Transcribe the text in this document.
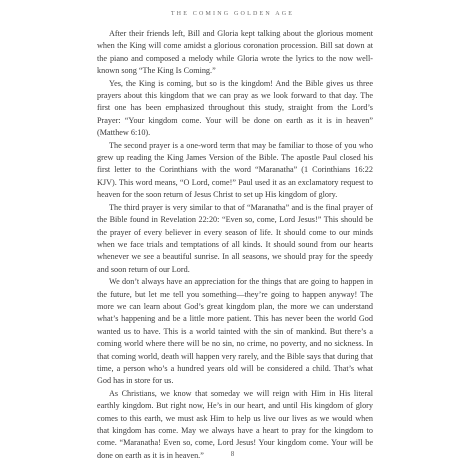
THE COMING GOLDEN AGE

After their friends left, Bill and Gloria kept talking about the glorious moment when the King will come amidst a glorious coronation procession. Bill sat down at the piano and composed a melody while Gloria wrote the lyrics to the now well-known song “The King Is Coming.”

Yes, the King is coming, but so is the kingdom! And the Bible gives us three prayers about this kingdom that we can pray as we look forward to that day. The first one has been emphasized throughout this study, straight from the Lord’s Prayer: “Your kingdom come. Your will be done on earth as it is in heaven” (Matthew 6:10).

The second prayer is a one-word term that may be familiar to those of you who grew up reading the King James Version of the Bible. The apostle Paul closed his first letter to the Corinthians with the word “Maranatha” (1 Corinthians 16:22 KJV). This word means, “O Lord, come!” Paul used it as an exclamatory request to heaven for the soon return of Jesus Christ to set up His kingdom of glory.

The third prayer is very similar to that of “Maranatha” and is the final prayer of the Bible found in Revelation 22:20: “Even so, come, Lord Jesus!” This should be the prayer of every believer in every season of life. It should come to our minds when we face trials and temptations of all kinds. It should sound from our hearts whenever we see a beautiful sunrise. In all seasons, we should pray for the speedy and soon return of our Lord.

We don’t always have an appreciation for the things that are going to happen in the future, but let me tell you something—they’re going to happen anyway! The more we can learn about God’s great kingdom plan, the more we can understand what’s happening and be a little more patient. This has never been the world God wanted us to have. This is a world tainted with the sin of mankind. But there’s a coming world where there will be no sin, no crime, no poverty, and no sickness. In that coming world, death will happen very rarely, and the Bible says that during that time, a person who’s a hundred years old will be considered a child. That’s what God has in store for us.

As Christians, we know that someday we will reign with Him in His literal earthly kingdom. But right now, He’s in our heart, and until His kingdom of glory comes to this earth, we must ask Him to help us live our lives as we would when that kingdom has come. May we always have a heart to pray for the kingdom to come. “Maranatha! Even so, come, Lord Jesus! Your kingdom come. Your will be done on earth as it is in heaven.”	8
